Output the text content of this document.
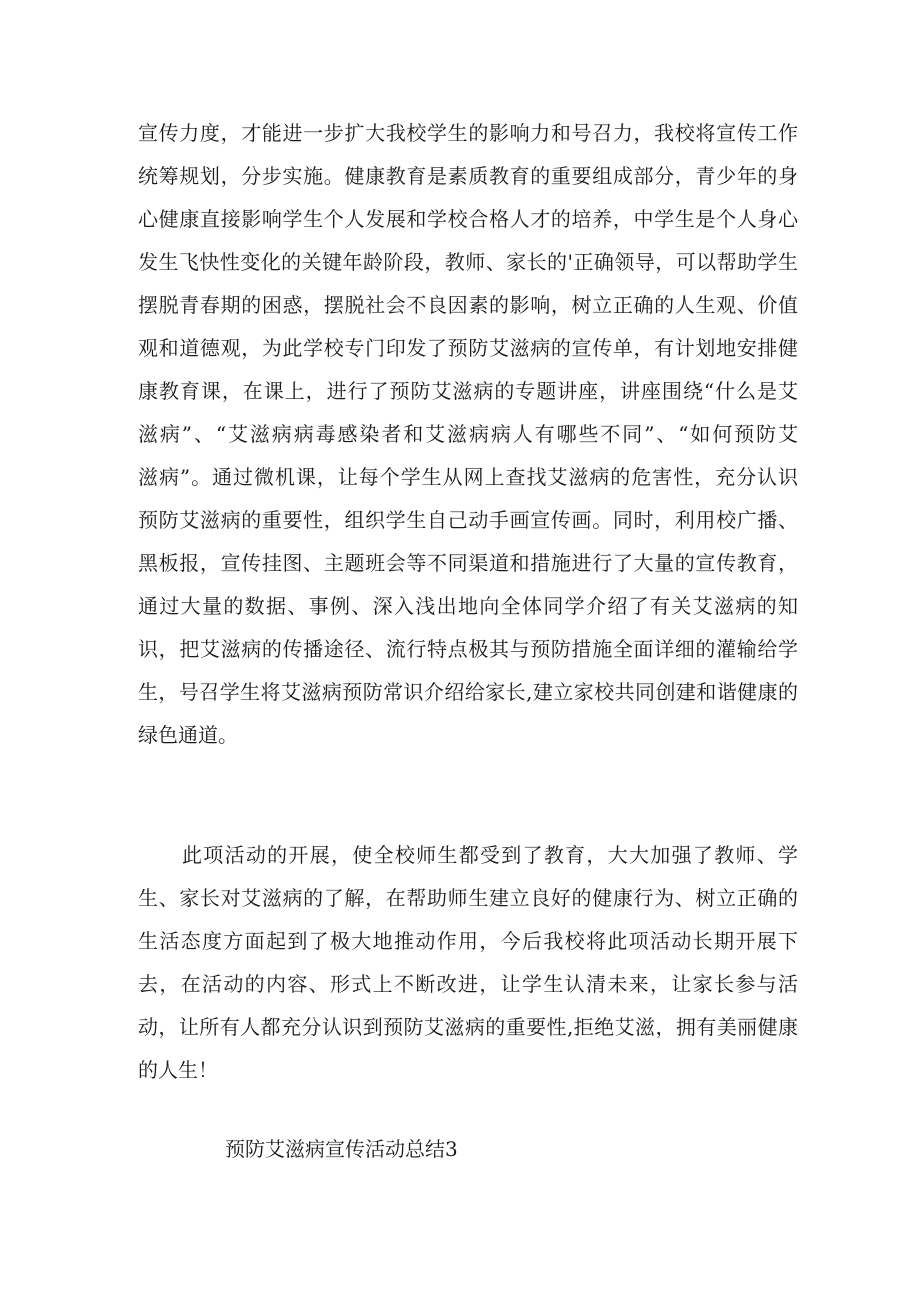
宣传力度，才能进一步扩大我校学生的影响力和号召力，我校将宣传工作
统筹规划，分步实施。健康教育是素质教育的重要组成部分，青少年的身
心健康直接影响学生个人发展和学校合格人才的培养，中学生是个人身心
发生飞快性变化的关键年龄阶段，教师、家长的'正确领导，可以帮助学生
摆脱青春期的困惑，摆脱社会不良因素的影响，树立正确的人生观、价值
观和道德观，为此学校专门印发了预防艾滋病的宣传单，有计划地安排健
康教育课，在课上，进行了预防艾滋病的专题讲座，讲座围绕“什么是艾
滋病”、“艾滋病病毒感染者和艾滋病病人有哪些不同”、“如何预防艾
滋病”。通过微机课，让每个学生从网上查找艾滋病的危害性，充分认识
预防艾滋病的重要性，组织学生自己动手画宣传画。同时，利用校广播、
黑板报，宣传挂图、主题班会等不同渠道和措施进行了大量的宣传教育，
通过大量的数据、事例、深入浅出地向全体同学介绍了有关艾滋病的知
识，把艾滋病的传播途径、流行特点极其与预防措施全面详细的灌输给学
生，号召学生将艾滋病预防常识介绍给家长,建立家校共同创建和谐健康的
绿色通道。
此项活动的开展，使全校师生都受到了教育，大大加强了教师、学
生、家长对艾滋病的了解，在帮助师生建立良好的健康行为、树立正确的
生活态度方面起到了极大地推动作用，今后我校将此项活动长期开展下
去，在活动的内容、形式上不断改进，让学生认清未来，让家长参与活
动，让所有人都充分认识到预防艾滋病的重要性,拒绝艾滋，拥有美丽健康
的人生！
预防艾滋病宣传活动总结3
